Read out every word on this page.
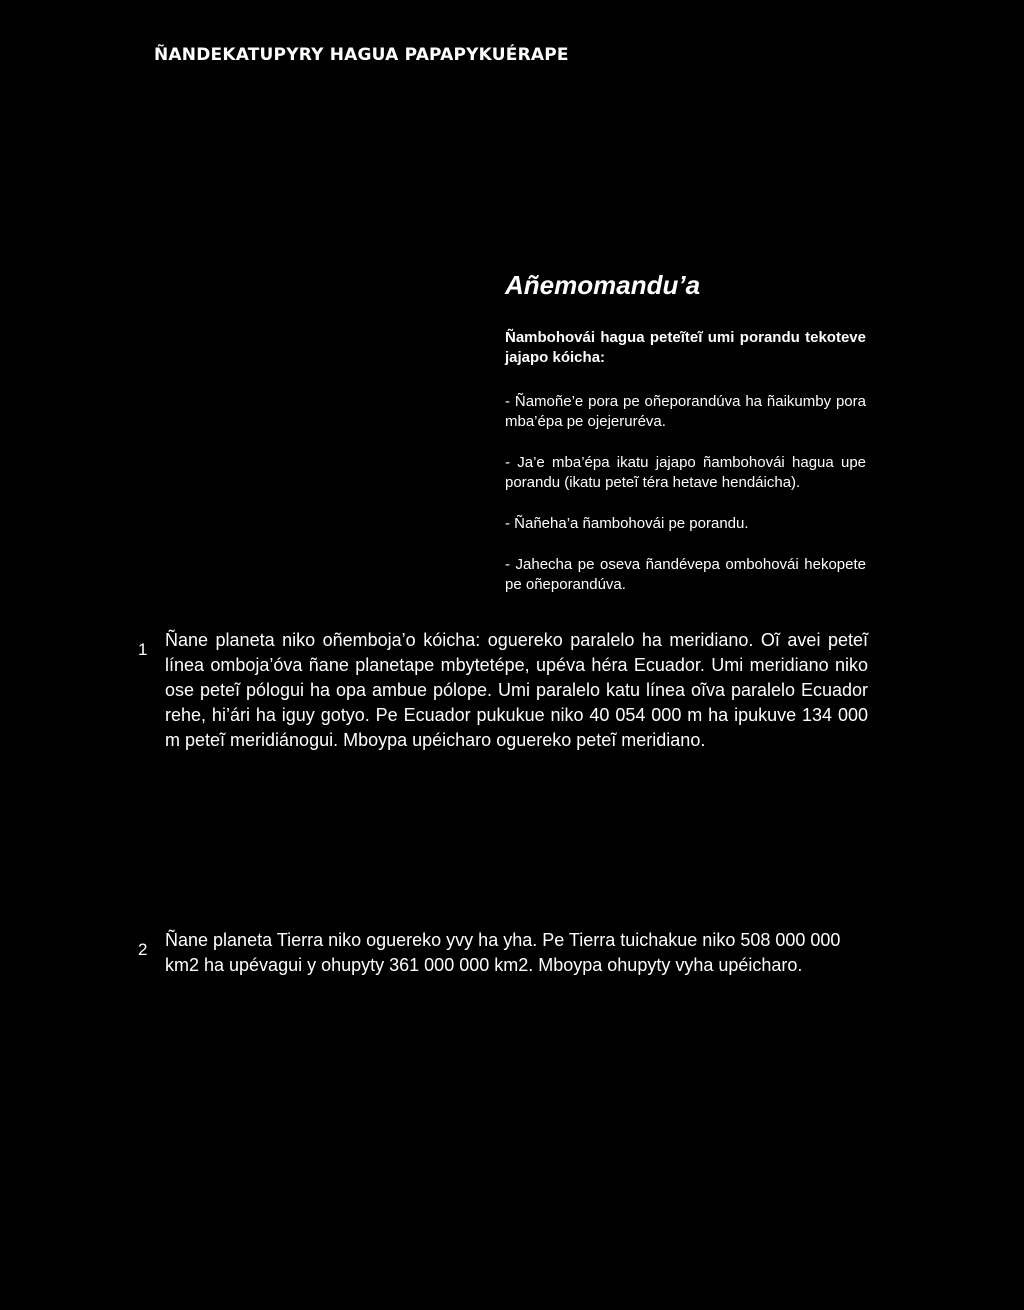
ÑANDEKATUPYRY HAGUA PAPAPYKUÉRAPE
Añemomandu’a

Ñambohovái hagua peteĩteĩ umi porandu tekoteve jajapo kóicha:

- Ñamoñe’e pora pe oñeporandúva ha ñaikumby pora mba’épa pe ojejeruréva.

- Ja’e mba’épa ikatu jajapo ñambohovái hagua upe porandu (ikatu peteĩ téra hetave hendáicha).

- Ñañeha’a ñambohovái pe porandu.

- Jahecha pe oseva ñandévepa ombohovái hekopete pe oñeporandúva.

1 Ñane planeta niko oñemboja’o kóicha: oguereko paralelo ha meridiano. Oĩ avei peteĩ línea omboja’óva ñane planetape mbytetépe, upéva héra Ecuador. Umi meridiano niko ose peteĩ pólogui ha opa ambue pólope. Umi paralelo katu línea oĩva paralelo Ecuador rehe, hi’ári ha iguy gotyo. Pe Ecuador pukukue niko 40 054 000 m ha ipukuve 134 000 m peteĩ meridiánogui. Mboypa upéicharo oguereko peteĩ meridiano.
2 Ñane planeta Tierra niko oguereko yvy ha yha. Pe Tierra tuichakue niko 508 000 000 km2 ha upévagui y ohupyty 361 000 000 km2. Mboypa ohupyty vyha upéicharo.
